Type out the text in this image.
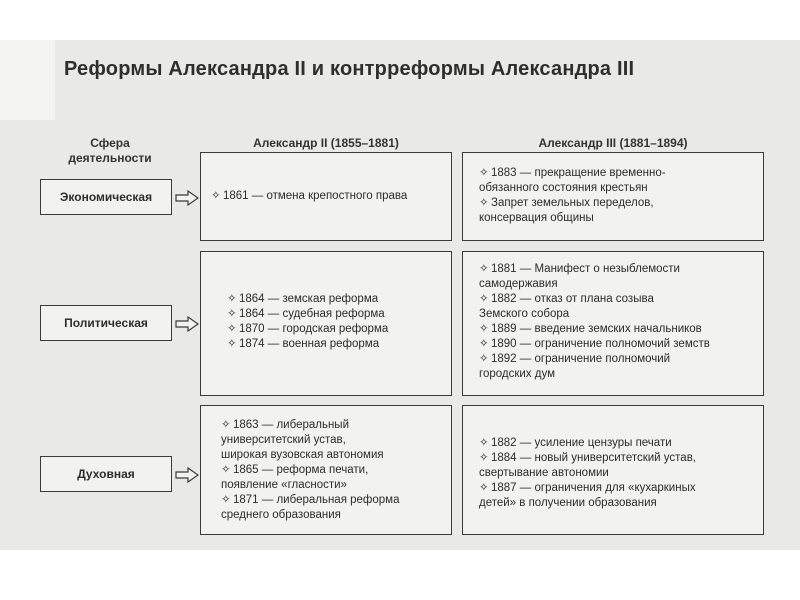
Реформы Александра II и контрреформы Александра III
Сфера
деятельности
Александр II (1855–1881)	Александр III (1881–1894)
Экономическая	✧ 1861 — отмена крепостного права
✧ 1883 — прекращение временно-
обязанного состояния крестьян
✧ Запрет земельных переделов,
консервация общины
Политическая
✧ 1864 — земская реформа
✧ 1864 — судебная реформа
✧ 1870 — городская реформа
✧ 1874 — военная реформа
✧ 1881 — Манифест о незыблемости
самодержавия
✧ 1882 — отказ от плана созыва
Земского собора
✧ 1889 — введение земских начальников
✧ 1890 — ограничение полномочий земств
✧ 1892 — ограничение полномочий
городских дум
Духовная
✧ 1863 — либеральный
университетский устав,
широкая вузовская автономия
✧ 1865 — реформа печати,
появление «гласности»
✧ 1871 — либеральная реформа
среднего образования
✧ 1882 — усиление цензуры печати
✧ 1884 — новый университетский устав,
свертывание автономии
✧ 1887 — ограничения для «кухаркиных
детей» в получении образования
